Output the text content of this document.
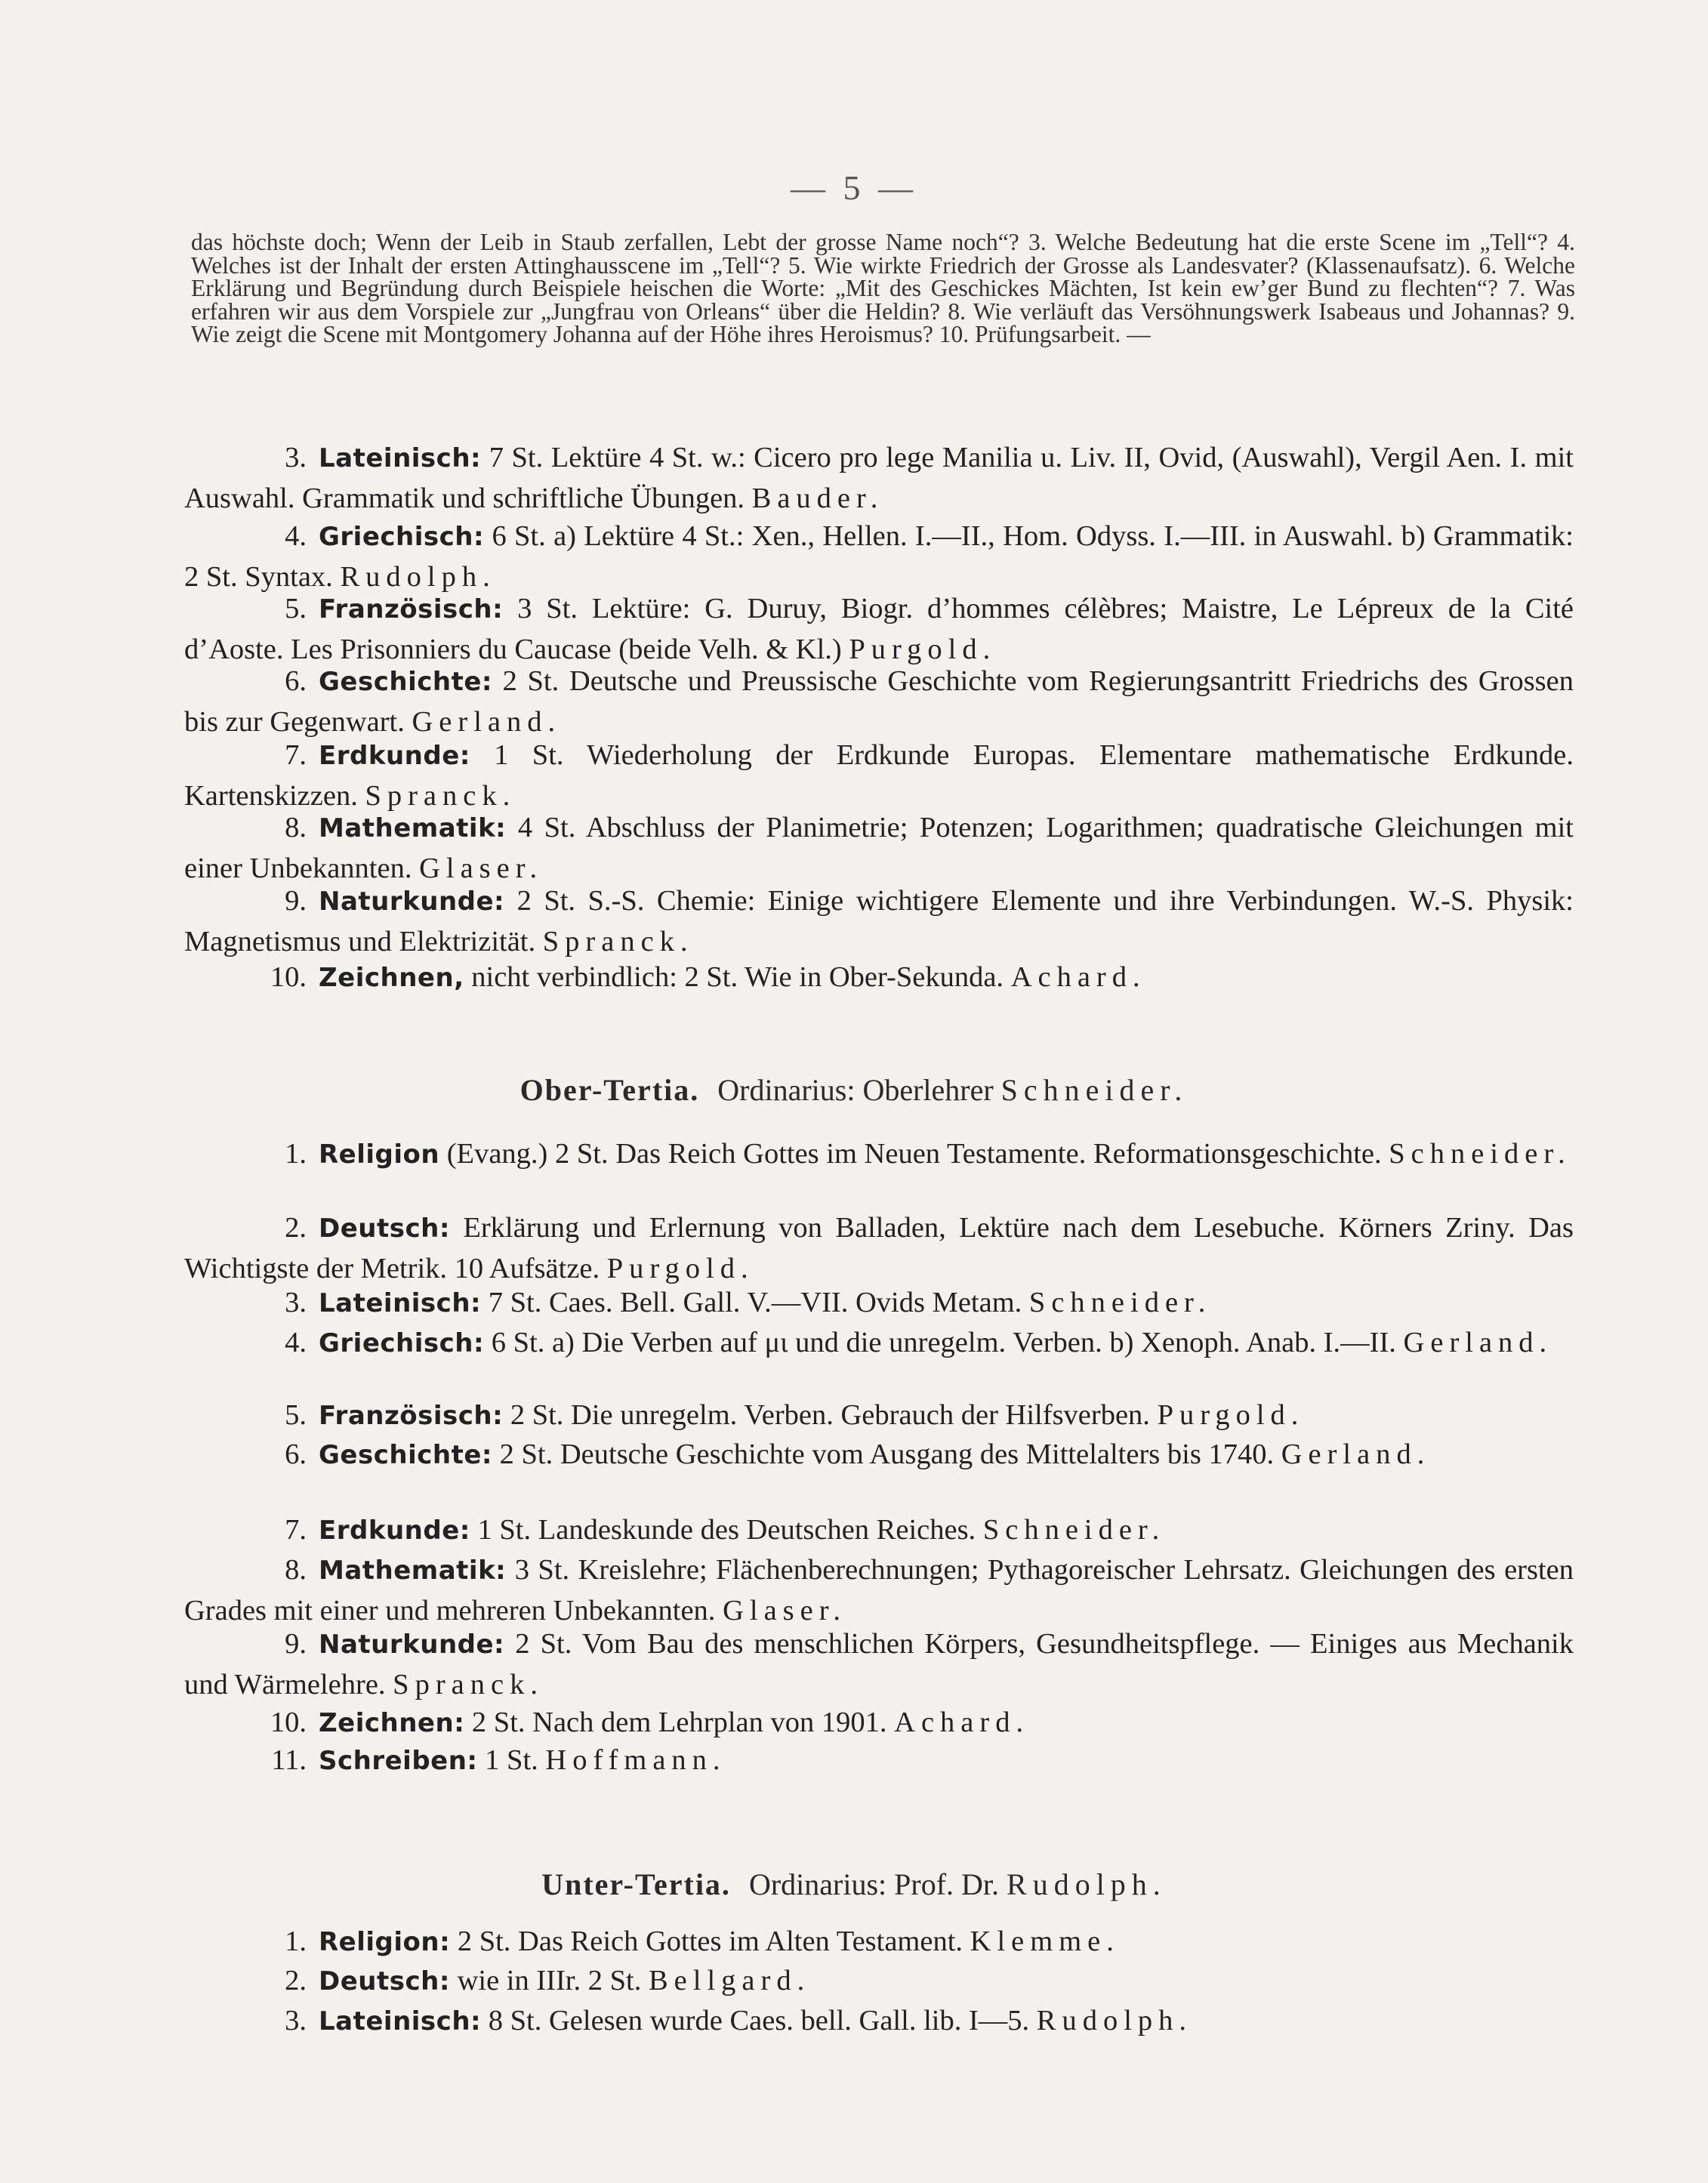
— 5 —
das höchste doch; Wenn der Leib in Staub zerfallen, Lebt der grosse Name noch“? 3. Welche Bedeutung hat die erste Scene im „Tell“? 4. Welches ist der Inhalt der ersten Attinghausscene im „Tell“? 5. Wie wirkte Friedrich der Grosse als Landesvater? (Klassenaufsatz). 6. Welche Erklärung und Begründung durch Beispiele heischen die Worte: „Mit des Geschickes Mächten, Ist kein ew’ger Bund zu flechten“? 7. Was erfahren wir aus dem Vorspiele zur „Jungfrau von Orleans“ über die Heldin? 8. Wie verläuft das Versöhnungswerk Isabeaus und Johannas? 9. Wie zeigt die Scene mit Montgomery Johanna auf der Höhe ihres Heroismus? 10. Prüfungsarbeit. —
3. Lateinisch: 7 St. Lektüre 4 St. w.: Cicero pro lege Manilia u. Liv. II, Ovid, (Auswahl), Vergil Aen. I. mit Auswahl. Grammatik und schriftliche Übungen. Bauder.
4. Griechisch: 6 St. a) Lektüre 4 St.: Xen., Hellen. I.—II., Hom. Odyss. I.—III. in Auswahl. b) Grammatik: 2 St. Syntax. Rudolph.
5. Französisch: 3 St. Lektüre: G. Duruy, Biogr. d’hommes célèbres; Maistre, Le Lépreux de la Cité d’Aoste. Les Prisonniers du Caucase (beide Velh. & Kl.) Purgold.
6. Geschichte: 2 St. Deutsche und Preussische Geschichte vom Regierungsantritt Friedrichs des Grossen bis zur Gegenwart. Gerland.
7. Erdkunde: 1 St. Wiederholung der Erdkunde Europas. Elementare mathematische Erdkunde. Kartenskizzen. Spranck.
8. Mathematik: 4 St. Abschluss der Planimetrie; Potenzen; Logarithmen; quadratische Gleichungen mit einer Unbekannten. Glaser.
9. Naturkunde: 2 St. S.-S. Chemie: Einige wichtigere Elemente und ihre Verbindungen. W.-S. Physik: Magnetismus und Elektrizität. Spranck.
10. Zeichnen, nicht verbindlich: 2 St. Wie in Ober-Sekunda. Achard.
Ober-Tertia. Ordinarius: Oberlehrer Schneider.
1. Religion (Evang.) 2 St. Das Reich Gottes im Neuen Testamente. Reformationsgeschichte. Schneider.
2. Deutsch: Erklärung und Erlernung von Balladen, Lektüre nach dem Lesebuche. Körners Zriny. Das Wichtigste der Metrik. 10 Aufsätze. Purgold.
3. Lateinisch: 7 St. Caes. Bell. Gall. V.—VII. Ovids Metam. Schneider.
4. Griechisch: 6 St. a) Die Verben auf μι und die unregelm. Verben. b) Xenoph. Anab. I.—II. Gerland.
5. Französisch: 2 St. Die unregelm. Verben. Gebrauch der Hilfsverben. Purgold.
6. Geschichte: 2 St. Deutsche Geschichte vom Ausgang des Mittelalters bis 1740. Gerland.
7. Erdkunde: 1 St. Landeskunde des Deutschen Reiches. Schneider.
8. Mathematik: 3 St. Kreislehre; Flächenberechnungen; Pythagoreischer Lehrsatz. Gleichungen des ersten Grades mit einer und mehreren Unbekannten. Glaser.
9. Naturkunde: 2 St. Vom Bau des menschlichen Körpers, Gesundheitspflege. — Einiges aus Mechanik und Wärmelehre. Spranck.
10. Zeichnen: 2 St. Nach dem Lehrplan von 1901. Achard.
11. Schreiben: 1 St. Hoffmann.
Unter-Tertia. Ordinarius: Prof. Dr. Rudolph.
1. Religion: 2 St. Das Reich Gottes im Alten Testament. Klemme.
2. Deutsch: wie in IIIr. 2 St. Bellgard.
3. Lateinisch: 8 St. Gelesen wurde Caes. bell. Gall. lib. I—5. Rudolph.
